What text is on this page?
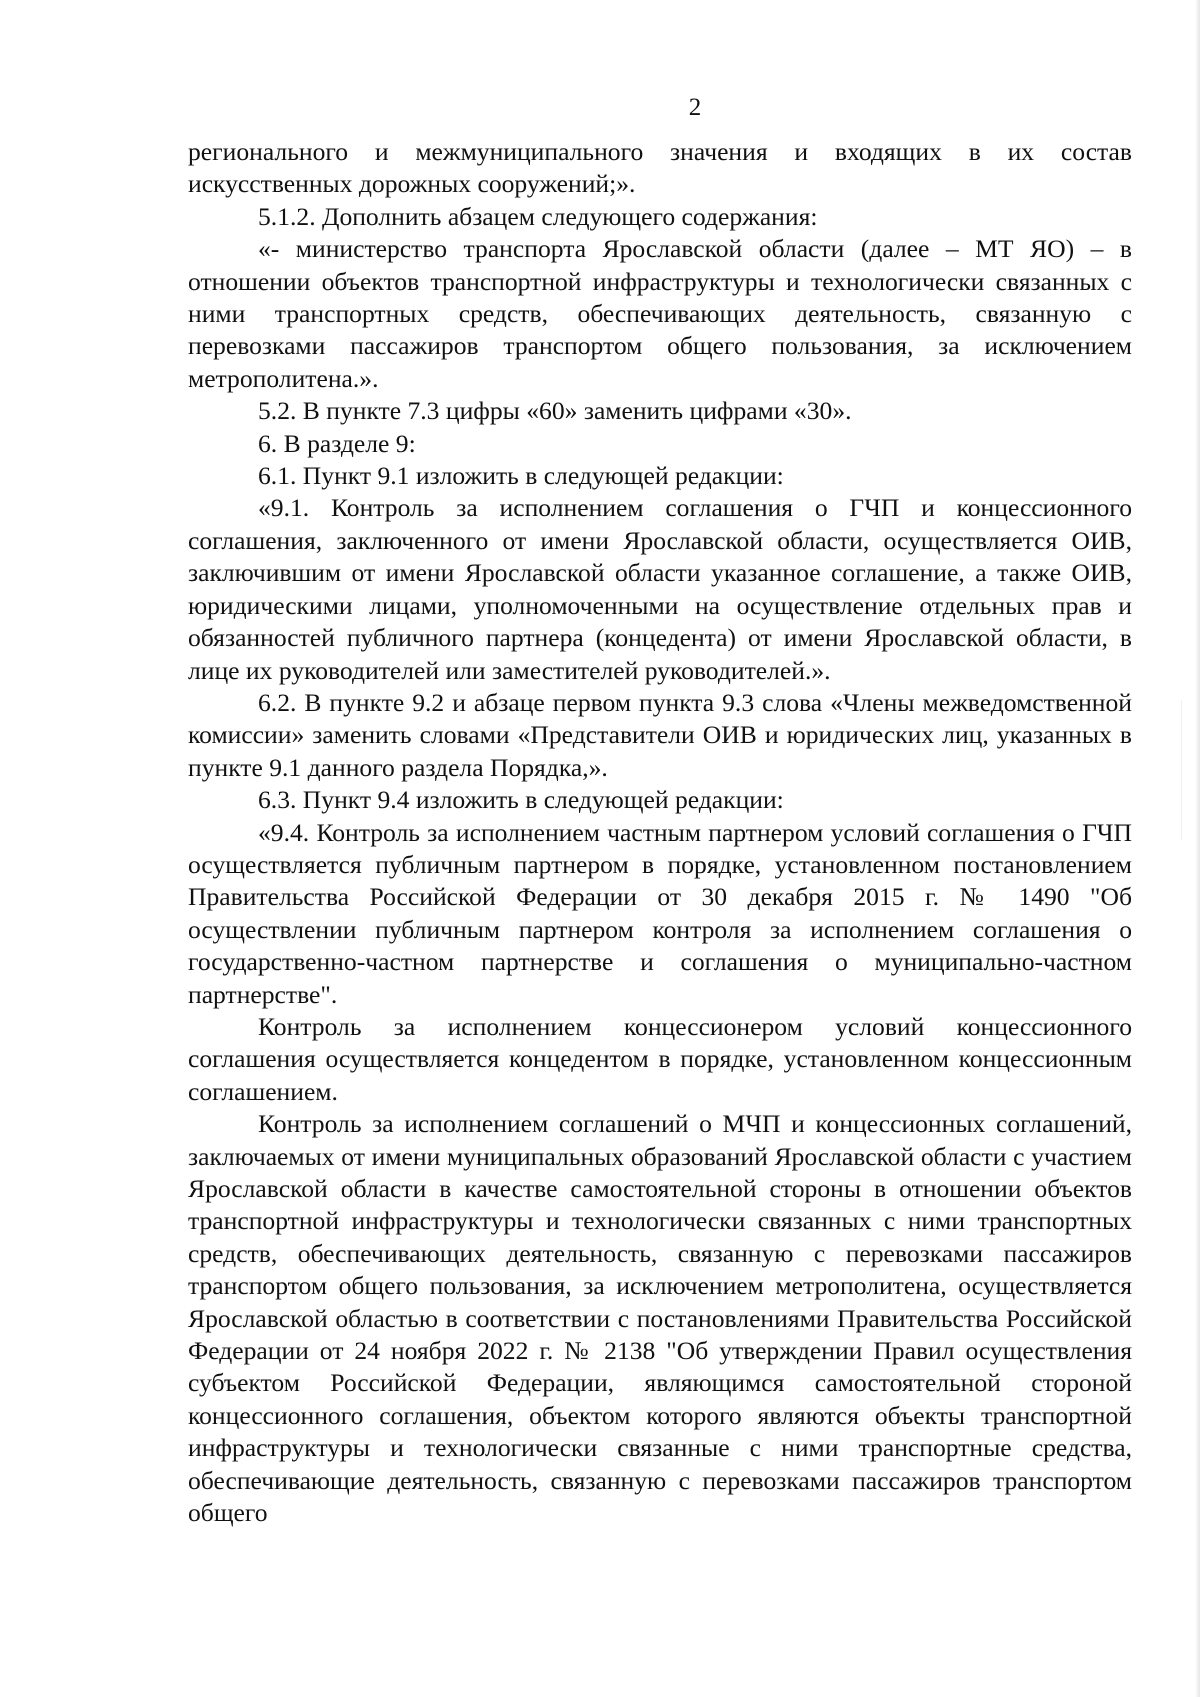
2

регионального и межмуниципального значения и входящих в их состав искусственных дорожных сооружений;».

5.1.2. Дополнить абзацем следующего содержания:

«- министерство транспорта Ярославской области (далее – МТ ЯО) – в отношении объектов транспортной инфраструктуры и технологически связанных с ними транспортных средств, обеспечивающих деятельность, связанную с перевозками пассажиров транспортом общего пользования, за исключением метрополитена.».

5.2. В пункте 7.3 цифры «60» заменить цифрами «30».

6. В разделе 9:

6.1. Пункт 9.1 изложить в следующей редакции:

«9.1. Контроль за исполнением соглашения о ГЧП и концессионного соглашения, заключенного от имени Ярославской области, осуществляется ОИВ, заключившим от имени Ярославской области указанное соглашение, а также ОИВ, юридическими лицами, уполномоченными на осуществление отдельных прав и обязанностей публичного партнера (концедента) от имени Ярославской области, в лице их руководителей или заместителей руководителей.».

6.2. В пункте 9.2 и абзаце первом пункта 9.3 слова «Члены межведомственной комиссии» заменить словами «Представители ОИВ и юридических лиц, указанных в пункте 9.1 данного раздела Порядка,».

6.3. Пункт 9.4 изложить в следующей редакции:

«9.4. Контроль за исполнением частным партнером условий соглашения о ГЧП осуществляется публичным партнером в порядке, установленном постановлением Правительства Российской Федерации от 30 декабря 2015 г. № 1490 "Об осуществлении публичным партнером контроля за исполнением соглашения о государственно-частном партнерстве и соглашения о муниципально-частном партнерстве".

Контроль за исполнением концессионером условий концессионного соглашения осуществляется концедентом в порядке, установленном концессионным соглашением.

Контроль за исполнением соглашений о МЧП и концессионных соглашений, заключаемых от имени муниципальных образований Ярославской области с участием Ярославской области в качестве самостоятельной стороны в отношении объектов транспортной инфраструктуры и технологически связанных с ними транспортных средств, обеспечивающих деятельность, связанную с перевозками пассажиров транспортом общего пользования, за исключением метрополитена, осуществляется Ярославской областью в соответствии с постановлениями Правительства Российской Федерации от 24 ноября 2022 г. № 2138 "Об утверждении Правил осуществления субъектом Российской Федерации, являющимся самостоятельной стороной концессионного соглашения, объектом которого являются объекты транспортной инфраструктуры и технологически связанные с ними транспортные средства, обеспечивающие деятельность, связанную с перевозками пассажиров транспортом общего
